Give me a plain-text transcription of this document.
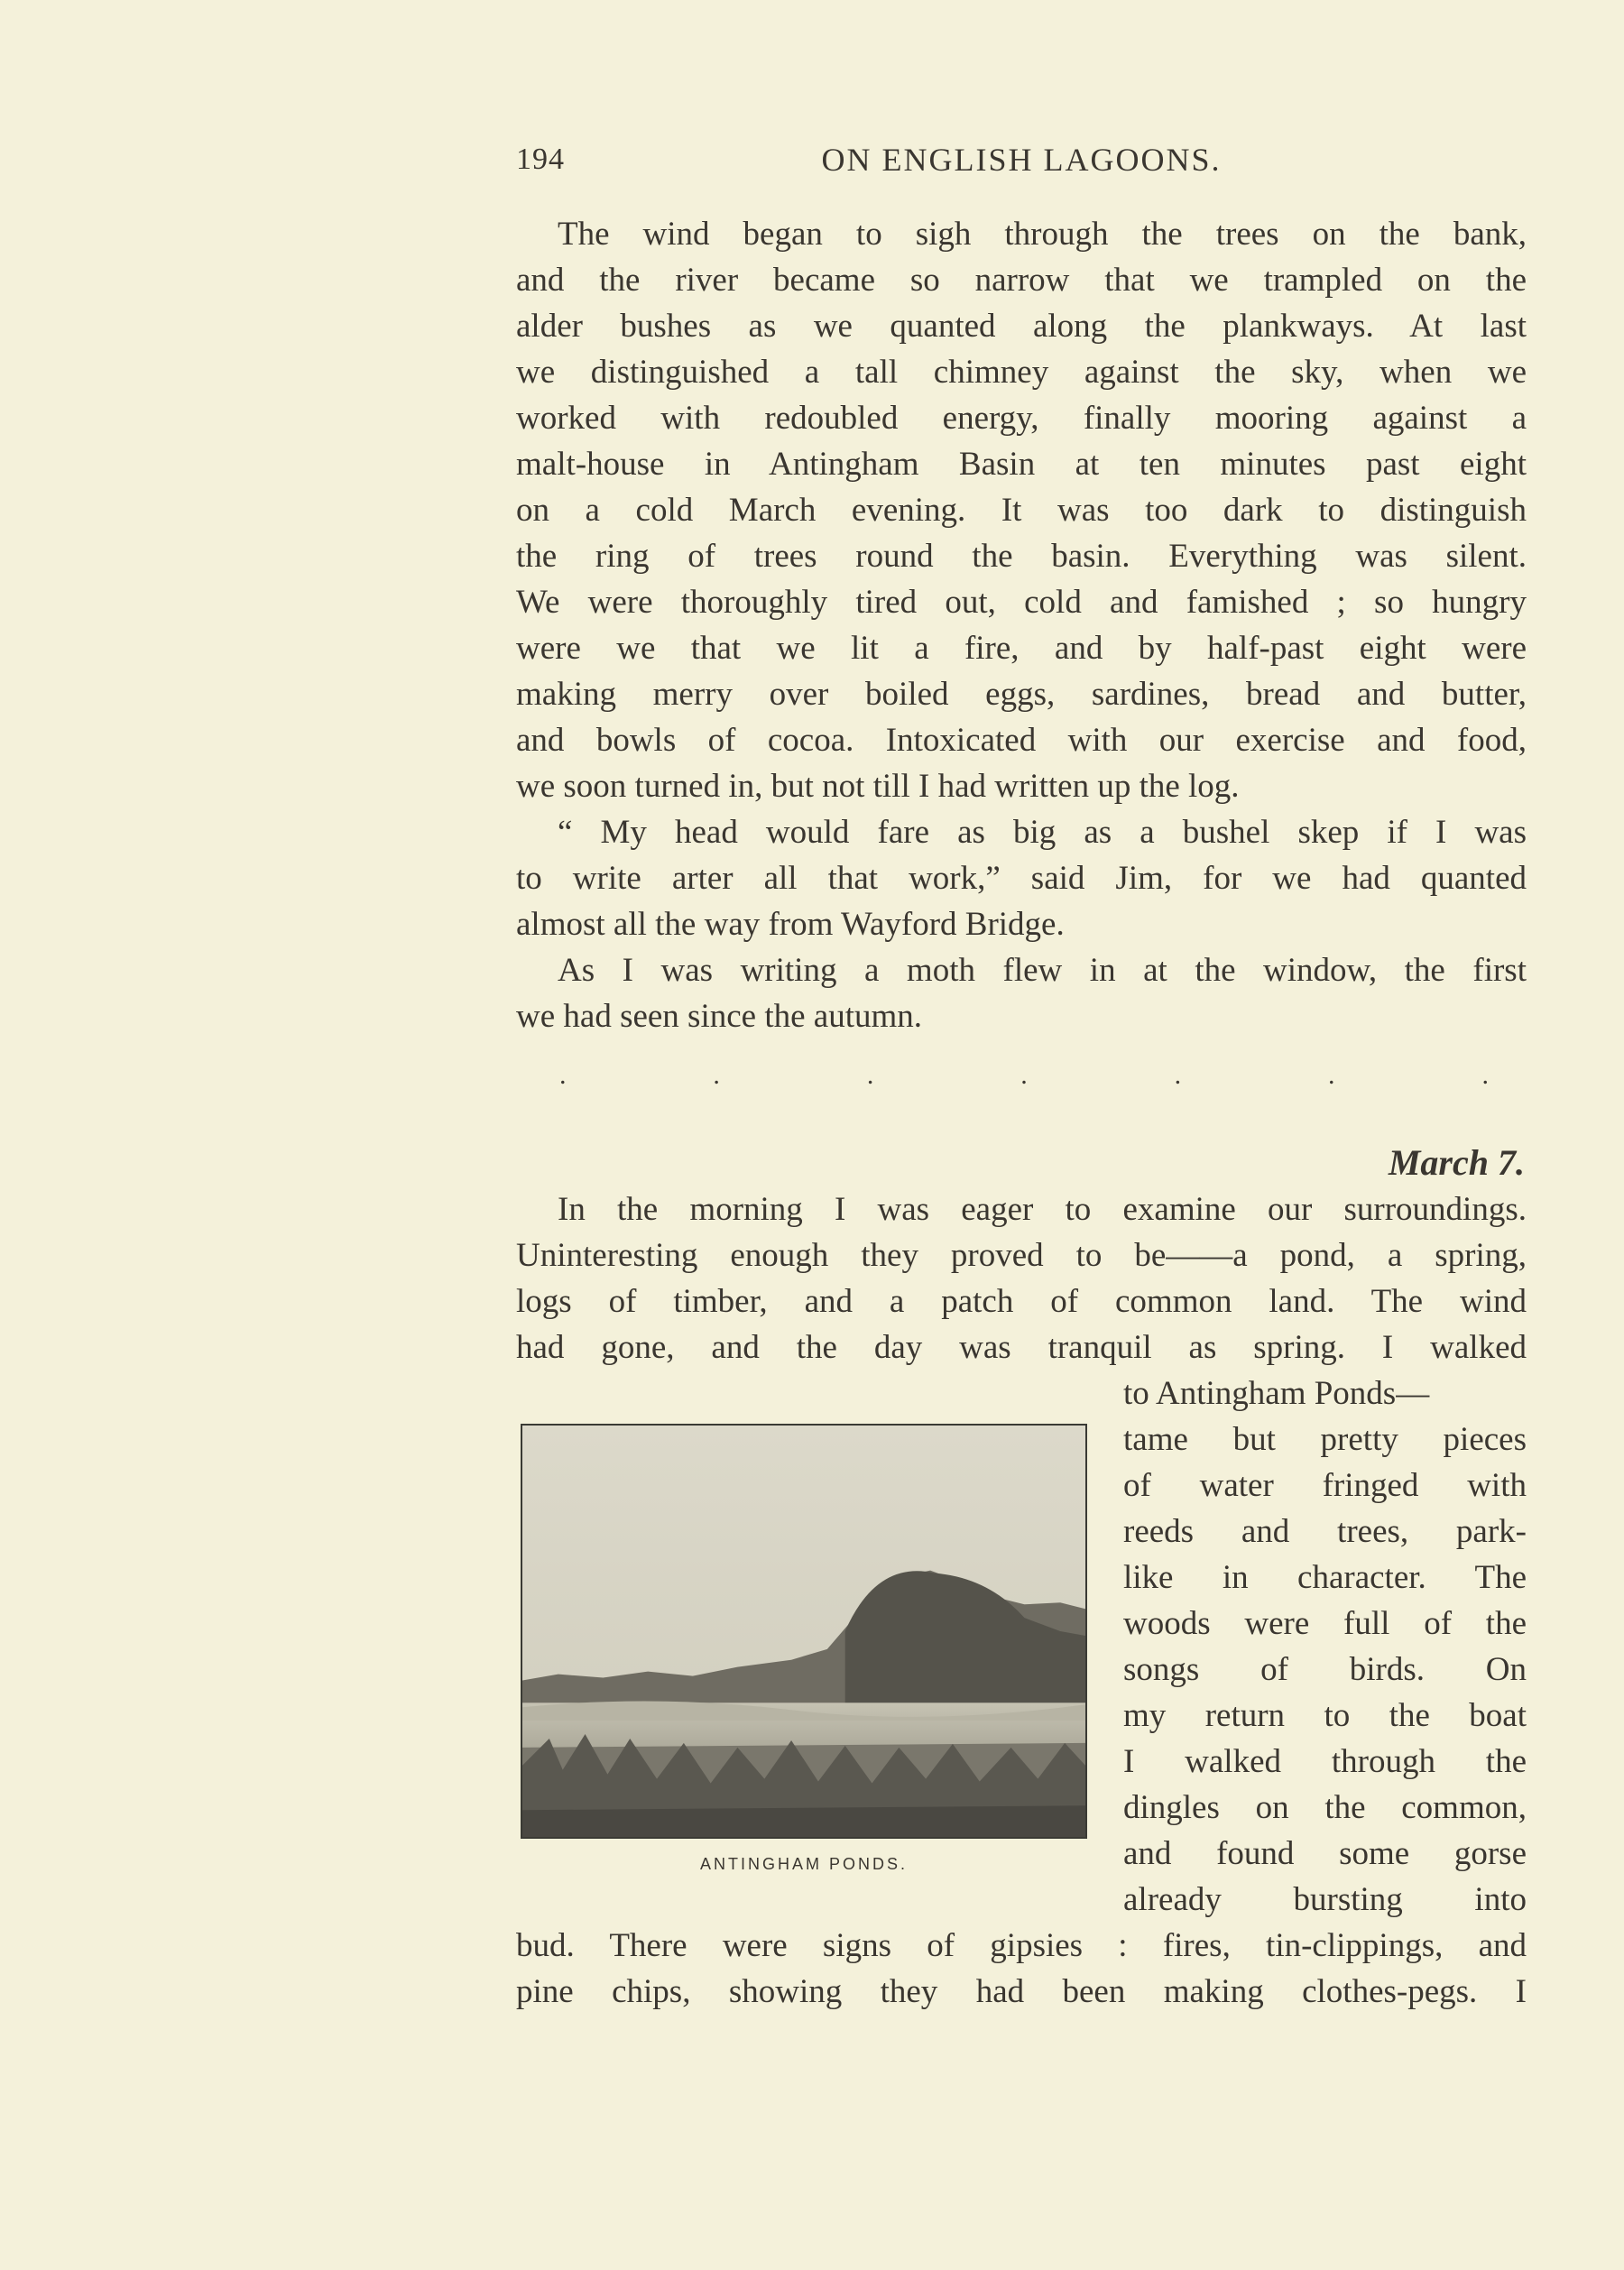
194	ON ENGLISH LAGOONS.
The wind began to sigh through the trees on the bank,
and the river became so narrow that we trampled on the
alder bushes as we quanted along the plankways. At last
we distinguished a tall chimney against the sky, when we
worked with redoubled energy, finally mooring against a
malt-house in Antingham Basin at ten minutes past eight
on a cold March evening. It was too dark to distinguish
the ring of trees round the basin. Everything was silent.
We were thoroughly tired out, cold and famished ; so hungry
were we that we lit a fire, and by half-past eight were
making merry over boiled eggs, sardines, bread and butter,
and bowls of cocoa. Intoxicated with our exercise and food,
we soon turned in, but not till I had written up the log.
“ My head would fare as big as a bushel skep if I was
to write arter all that work,” said Jim, for we had quanted
almost all the way from Wayford Bridge.
As I was writing a moth flew in at the window, the first
we had seen since the autumn.
.	.	.	.	.	.	.
March 7.
In the morning I was eager to examine our surroundings.
Uninteresting enough they proved to be——a pond, a spring,
logs of timber, and a patch of common land. The wind
had gone, and the day was tranquil as spring. I walked
to Antingham Ponds—
tame but pretty pieces
of water fringed with
reeds and trees, park-
like in character. The
woods were full of the
songs of birds. On
my return to the boat
I walked through the
dingles on the common,
and found some gorse
already bursting into
bud. There were signs of gipsies : fires, tin-clippings, and
pine chips, showing they had been making clothes-pegs. I
ANTINGHAM PONDS.
